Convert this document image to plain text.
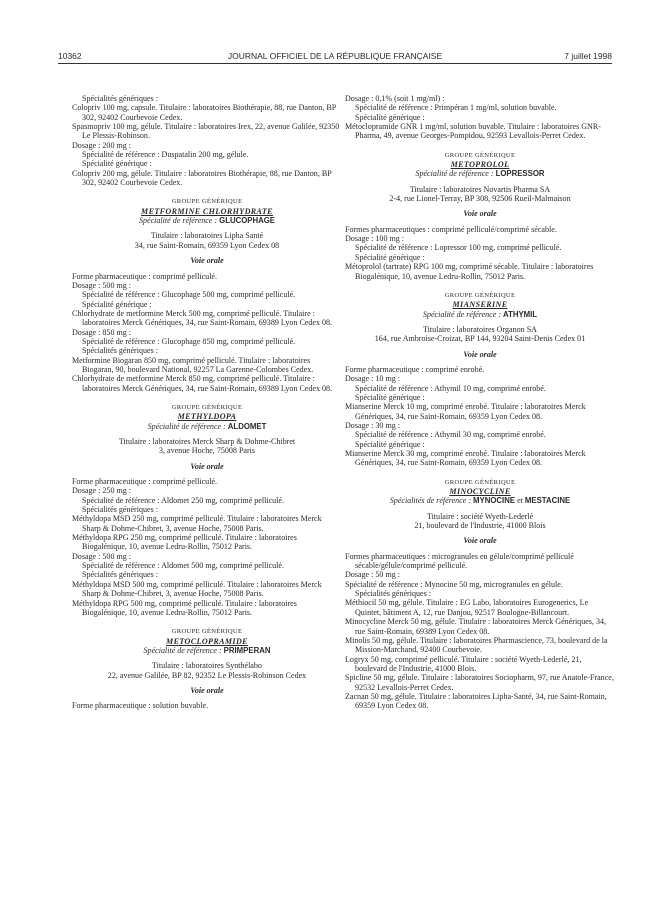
10362	JOURNAL OFFICIEL DE LA RÉPUBLIQUE FRANÇAISE	7 juillet 1998

Spécialités génériques :

Colopriv 100 mg, capsule. Titulaire : laboratoires Biothérapie, 88, rue Danton, BP 302, 92402 Courbevoie Cedex.

Spasmopriv 100 mg, gélule. Titulaire : laboratoires Irex, 22, avenue Galilée, 92350 Le Plessis-Robinson.

Dosage : 200 mg :

Spécialité de référence : Duspatalin 200 mg, gélule.

Spécialité générique :

Colopriv 200 mg, gélule. Titulaire : laboratoires Biothérapie, 88, rue Danton, BP 302, 92402 Courbevoie Cedex.

GROUPE GÉNÉRIQUE

METFORMINE CHLORHYDRATE

Spécialité de référence : GLUCOPHAGE

Titulaire : laboratoires Lipha Santé

34, rue Saint-Romain, 69359 Lyon Cedex 08

Voie orale

Forme pharmaceutique : comprimé pelliculé.

Dosage : 500 mg :

Spécialité de référence : Glucophage 500 mg, comprimé pelliculé.

Spécialité générique :

Chlorhydrate de metformine Merck 500 mg, comprimé pelliculé. Titulaire : laboratoires Merck Génériques, 34, rue Saint-Romain, 69389 Lyon Cedex 08.

Dosage : 850 mg :

Spécialité de référence : Glucophage 850 mg, comprimé pelliculé.

Spécialités génériques :

Metformine Biogaran 850 mg, comprimé pelliculé. Titulaire : laboratoires Biogaran, 90, boulevard National, 92257 La Garenne-Colombes Cedex.

Chlorhydrate de metformine Merck 850 mg, comprimé pelliculé. Titulaire : laboratoires Merck Génériques, 34, rue Saint-Romain, 69389 Lyon Cedex 08.

GROUPE GÉNÉRIQUE

METHYLDOPA

Spécialité de référence : ALDOMET

Titulaire : laboratoires Merck Sharp & Dohme-Chibret

3, avenue Hoche, 75008 Paris

Voie orale

Forme pharmaceutique : comprimé pelliculé.

Dosage : 250 mg :

Spécialité de référence : Aldomet 250 mg, comprimé pelliculé.

Spécialités génériques :

Méthyldopa MSD 250 mg, comprimé pelliculé. Titulaire : laboratoires Merck Sharp & Dohme-Chibret, 3, avenue Hoche, 75008 Paris.

Méthyldopa RPG 250 mg, comprimé pelliculé. Titulaire : laboratoires Biogalénique, 10, avenue Ledru-Rollin, 75012 Paris.

Dosage : 500 mg :

Spécialité de référence : Aldomet 500 mg, comprimé pelliculé.

Spécialités génériques :

Méthyldopa MSD 500 mg, comprimé pelliculé. Titulaire : laboratoires Merck Sharp & Dohme-Chibret, 3, avenue Hoche, 75008 Paris.

Méthyldopa RPG 500 mg, comprimé pelliculé. Titulaire : laboratoires Biogalénique, 10, avenue Ledru-Rollin, 75012 Paris.

GROUPE GÉNÉRIQUE

METOCLOPRAMIDE

Spécialité de référence : PRIMPERAN

Titulaire : laboratoires Synthélabo

22, avenue Galilée, BP 82, 92352 Le Plessis-Robinson Cedex

Voie orale

Forme pharmaceutique : solution buvable.

Dosage : 0,1% (soit 1 mg/ml) :

Spécialité de référence : Primpéran 1 mg/ml, solution buvable.

Spécialité générique :

Métoclopramide GNR 1 mg/ml, solution buvable. Titulaire : laboratoires GNR-Pharma, 49, avenue Georges-Pompidou, 92593 Levallois-Perret Cedex.

GROUPE GÉNÉRIQUE

METOPROLOL

Spécialité de référence : LOPRESSOR

Titulaire : laboratoires Novartis Pharma SA

2-4, rue Lionel-Terray, BP 308, 92506 Rueil-Malmaison

Voie orale

Formes pharmaceutiques : comprimé pelliculé/comprimé sécable.

Dosage : 100 mg :

Spécialité de référence : Lopressor 100 mg, comprimé pelliculé.

Spécialité générique :

Métoprolol (tartrate) RPG 100 mg, comprimé sécable. Titulaire : laboratoires Biogalénique, 10, avenue Ledru-Rollin, 75012 Paris.

GROUPE GÉNÉRIQUE

MIANSERINE

Spécialité de référence : ATHYMIL

Titulaire : laboratoires Organon SA

164, rue Ambroise-Croizat, BP 144, 93204 Saint-Denis Cedex 01

Voie orale

Forme pharmaceutique : comprimé enrobé.

Dosage : 10 mg :

Spécialité de référence : Athymil 10 mg, comprimé enrobé.

Spécialité générique :

Mianserine Merck 10 mg, comprimé enrobé. Titulaire : laboratoires Merck Génériques, 34, rue Saint-Romain, 69359 Lyon Cedex 08.

Dosage : 30 mg :

Spécialité de référence : Athymil 30 mg, comprimé enrobé.

Spécialité générique :

Mianserine Merck 30 mg, comprimé enrobé. Titulaire : laboratoires Merck Génériques, 34, rue Saint-Romain, 69359 Lyon Cedex 08.

GROUPE GÉNÉRIQUE

MINOCYCLINE

Spécialités de référence : MYNOCINE et MESTACINE

Titulaire : société Wyeth-Lederlé

21, boulevard de l'Industrie, 41000 Blois

Voie orale

Formes pharmaceutiques : microgranules en gélule/comprimé pelliculé sécable/gélule/comprimé pelliculé.

Dosage : 50 mg :

Spécialité de référence : Mynocine 50 mg, microgranules en gélule.

Spécialités génériques :

Méthiocil 50 mg, gélule. Titulaire : EG Labo, laboratoires Eurogenerics, Le Quintet, bâtiment A, 12, rue Danjou, 92517 Boulogne-Billancourt.

Minocycline Merck 50 mg, gélule. Titulaire : laboratoires Merck Génériques, 34, rue Saint-Romain, 69389 Lyon Cedex 08.

Minolis 50 mg, gélule. Titulaire : laboratoires Pharmascience, 73, boulevard de la Mission-Marchand, 92400 Courbevoie.

Logryx 50 mg, comprimé pelliculé. Titulaire : société Wyeth-Lederlé, 21, boulevard de l'Industrie, 41000 Blois.

Spicline 50 mg, gélule. Titulaire : laboratoires Sociopharm, 97, rue Anatole-France, 92532 Levallois-Perret Cedex.

Zacnan 50 mg, gélule. Titulaire : laboratoires Lipha-Santé, 34, rue Saint-Romain, 69359 Lyon Cedex 08.
